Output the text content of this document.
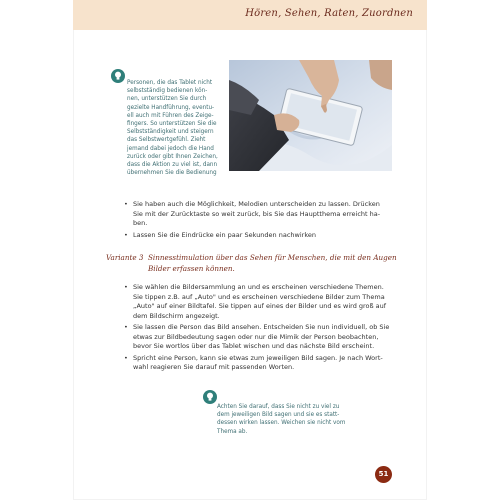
Hören, Sehen, Raten, Zuordnen
Personen, die das Tablet nicht
selbstständig bedienen kön-
nen, unterstützen Sie durch
gezielte Handführung, eventu-
ell auch mit Führen des Zeige-
fingers. So unterstützen Sie die
Selbstständigkeit und steigern
das Selbstwertgefühl. Zieht
jemand dabei jedoch die Hand
zurück oder gibt Ihnen Zeichen,
dass die Aktion zu viel ist, dann
übernehmen Sie die Bedienung
• Sie haben auch die Möglichkeit, Melodien unterscheiden zu lassen. Drücken
Sie mit der Zurücktaste so weit zurück, bis Sie das Hauptthema erreicht ha-
ben.
• Lassen Sie die Eindrücke ein paar Sekunden nachwirken
Variante 3 Sinnesstimulation über das Sehen für Menschen, die mit den Augen
Bilder erfassen können.
• Sie wählen die Bildersammlung an und es erscheinen verschiedene Themen.
Sie tippen z.B. auf „Auto" und es erscheinen verschiedene Bilder zum Thema
„Auto" auf einer Bildtafel. Sie tippen auf eines der Bilder und es wird groß auf
dem Bildschirm angezeigt.
• Sie lassen die Person das Bild ansehen. Entscheiden Sie nun individuell, ob Sie
etwas zur Bildbedeutung sagen oder nur die Mimik der Person beobachten,
bevor Sie wortlos über das Tablet wischen und das nächste Bild erscheint.
• Spricht eine Person, kann sie etwas zum jeweiligen Bild sagen. Je nach Wort-
wahl reagieren Sie darauf mit passenden Worten.
Achten Sie darauf, dass Sie nicht zu viel zu
dem jeweiligen Bild sagen und sie es statt-
dessen wirken lassen. Weichen sie nicht vom
Thema ab.
51
